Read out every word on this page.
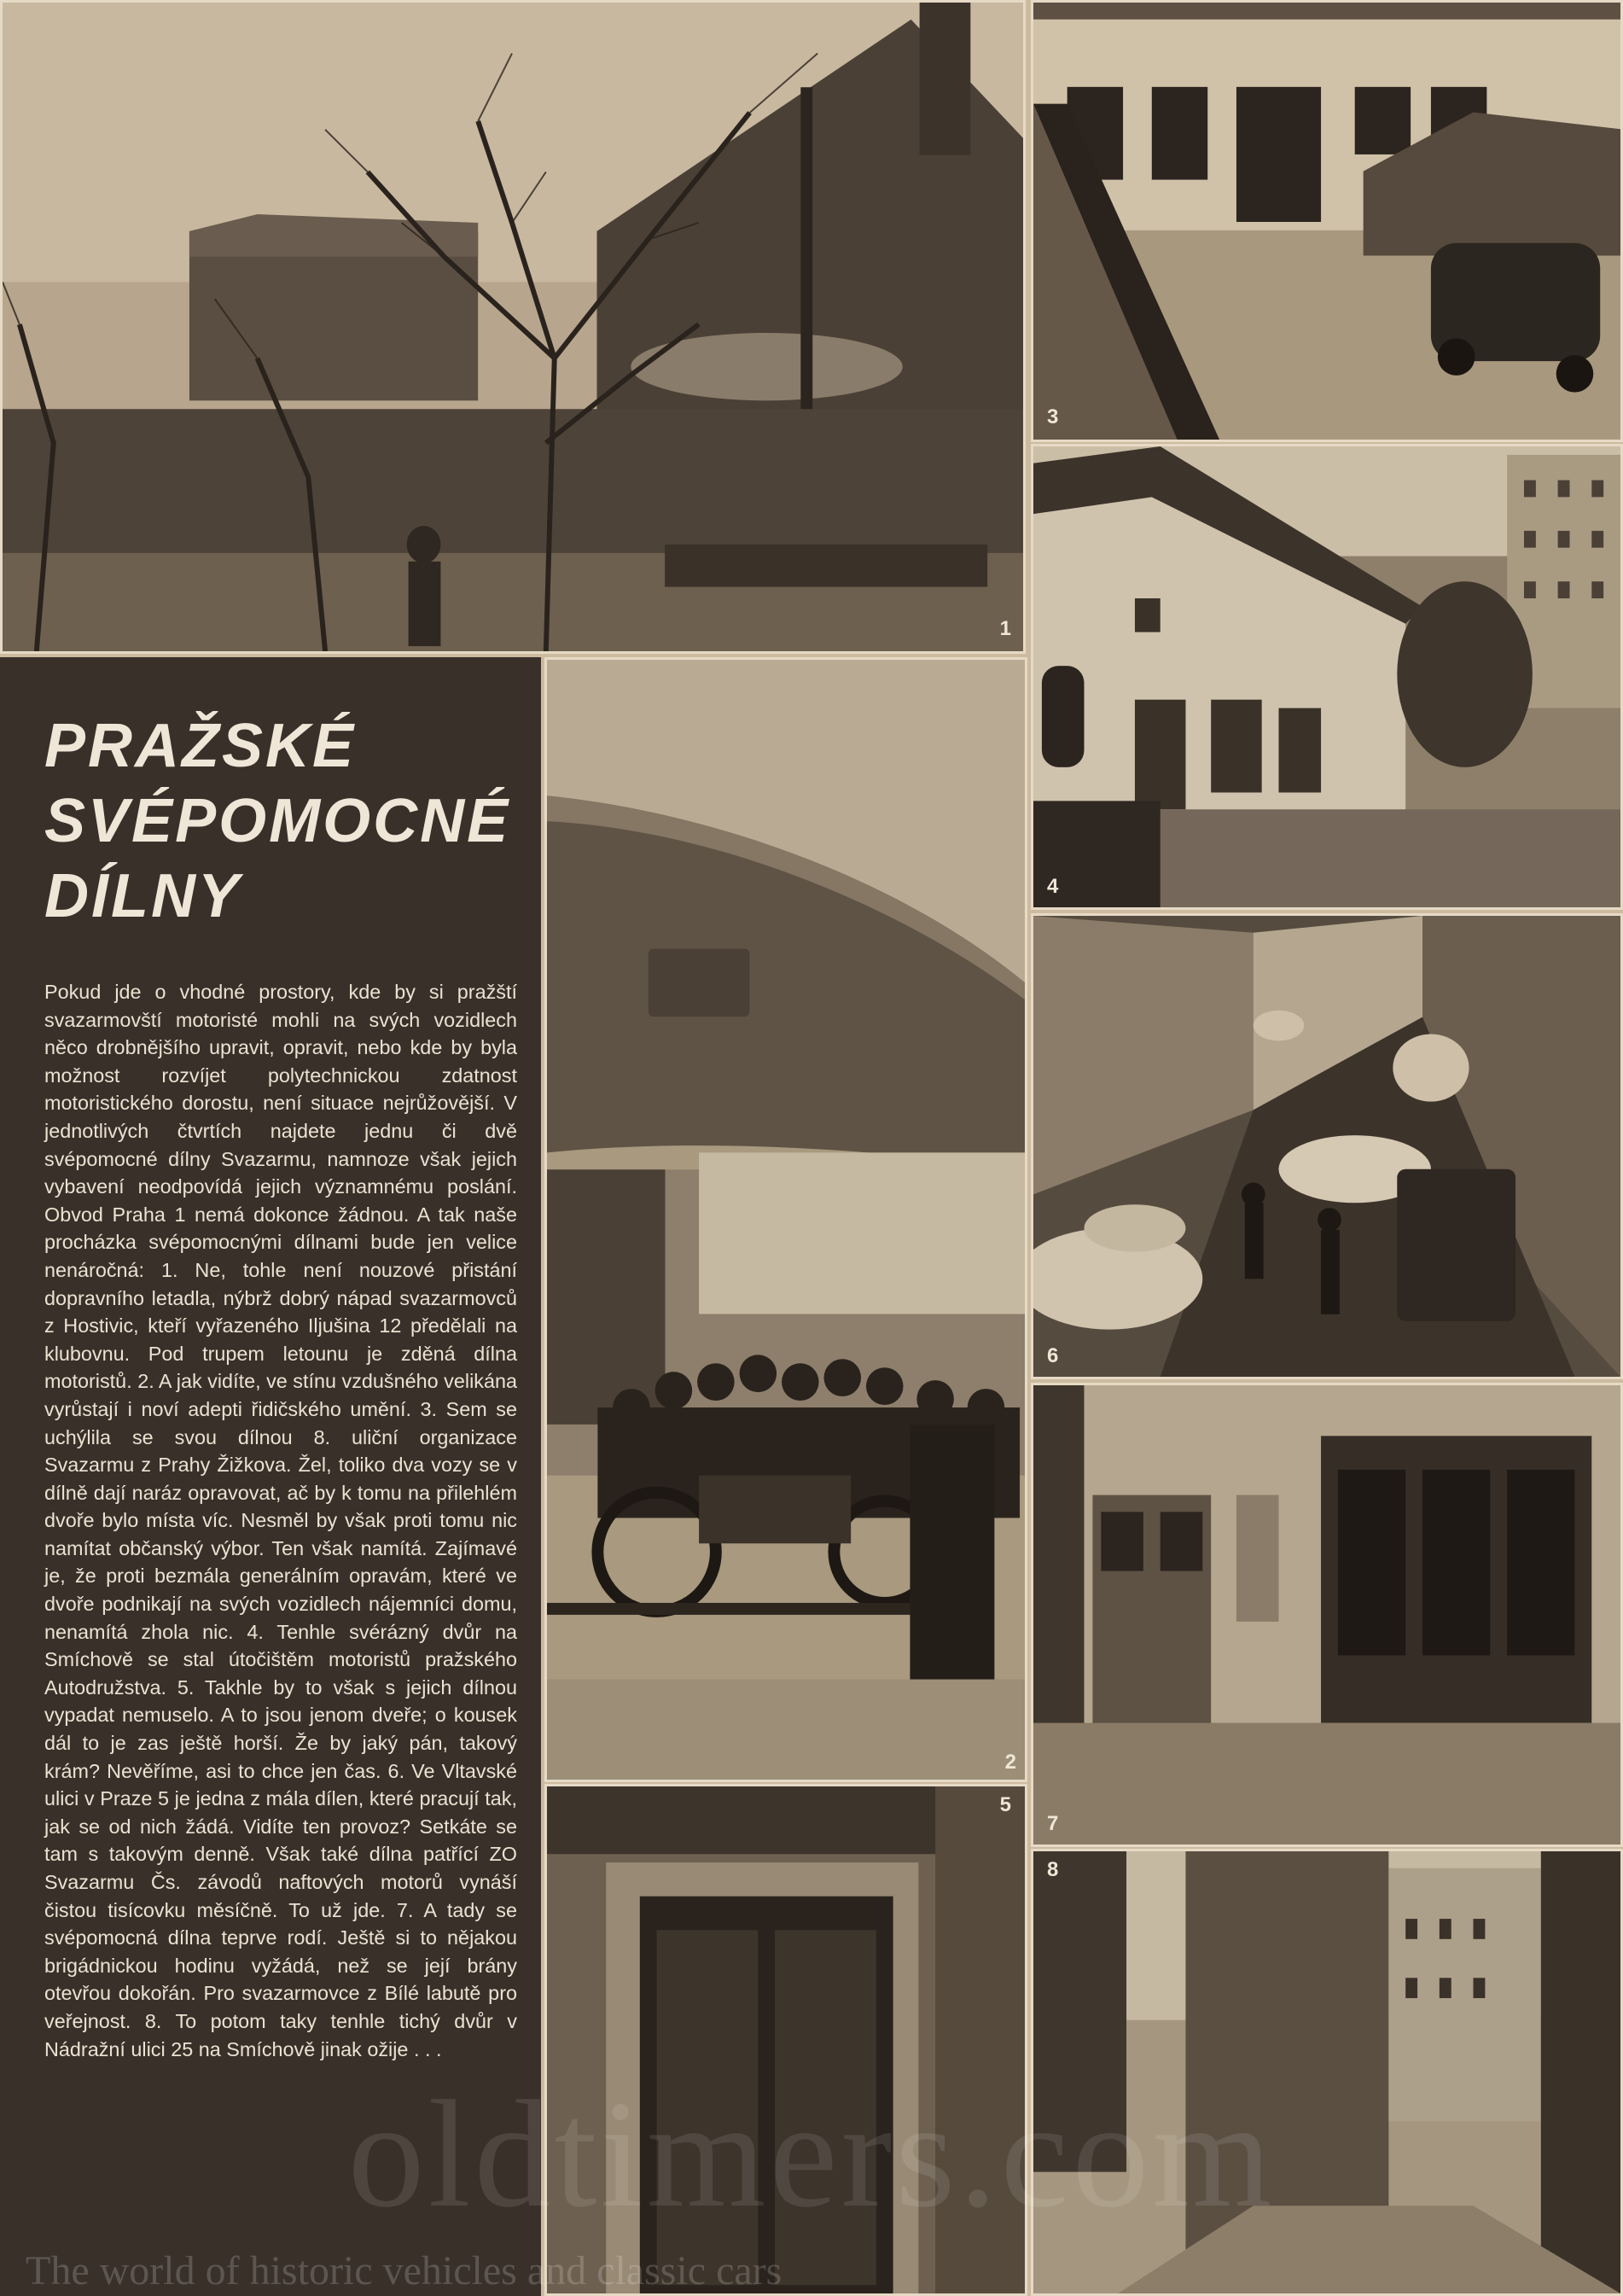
1
3
4
2
6
7
5
8
PRAŽSKÉ
SVÉPOMOCNÉ
DÍLNY

Pokud jde o vhodné prostory, kde by si pražští svazarmovští motoristé mohli na svých vozidlech něco drobnějšího upravit, opravit, nebo kde by byla možnost rozvíjet polytechnickou zdatnost motoristického dorostu, není situace nejrůžovější. V jednotlivých čtvrtích najdete jednu či dvě svépomocné dílny Svazarmu, namnoze však jejich vybavení neodpovídá jejich významnému poslání. Obvod Praha 1 nemá dokonce žádnou. A tak naše procházka svépomocnými dílnami bude jen velice nenáročná: 1. Ne, tohle není nouzové přistání dopravního letadla, nýbrž dobrý nápad svazarmovců z Hostivic, kteří vyřazeného Iljušina 12 předělali na klubovnu. Pod trupem letounu je zděná dílna motoristů. 2. A jak vidíte, ve stínu vzdušného velikána vyrůstají i noví adepti řidičského umění. 3. Sem se uchýlila se svou dílnou 8. uliční organizace Svazarmu z Prahy Žižkova. Žel, toliko dva vozy se v dílně dají naráz opravovat, ač by k tomu na přilehlém dvoře bylo místa víc. Nesměl by však proti tomu nic namítat občanský výbor. Ten však namítá. Zajímavé je, že proti bezmála generálním opravám, které ve dvoře podnikají na svých vozidlech nájemníci domu, nenamítá zhola nic. 4. Tenhle svérázný dvůr na Smíchově se stal útočištěm motoristů pražského Autodružstva. 5. Takhle by to však s jejich dílnou vypadat nemuselo. A to jsou jenom dveře; o kousek dál to je zas ještě horší. Že by jaký pán, takový krám? Nevěříme, asi to chce jen čas. 6. Ve Vltavské ulici v Praze 5 je jedna z mála dílen, které pracují tak, jak se od nich žádá. Vidíte ten provoz? Setkáte se tam s takovým denně. Však také dílna patřící ZO Svazarmu Čs. závodů naftových motorů vynáší čistou tisícovku měsíčně. To už jde. 7. A tady se svépomocná dílna teprve rodí. Ještě si to nějakou brigádnickou hodinu vyžádá, než se její brány otevřou dokořán. Pro svazarmovce z Bílé labutě pro veřejnost. 8. To potom taky tenhle tichý dvůr v Nádražní ulici 25 na Smíchově jinak ožije . . .

oldtimers.com
The world of historic vehicles and classic cars
